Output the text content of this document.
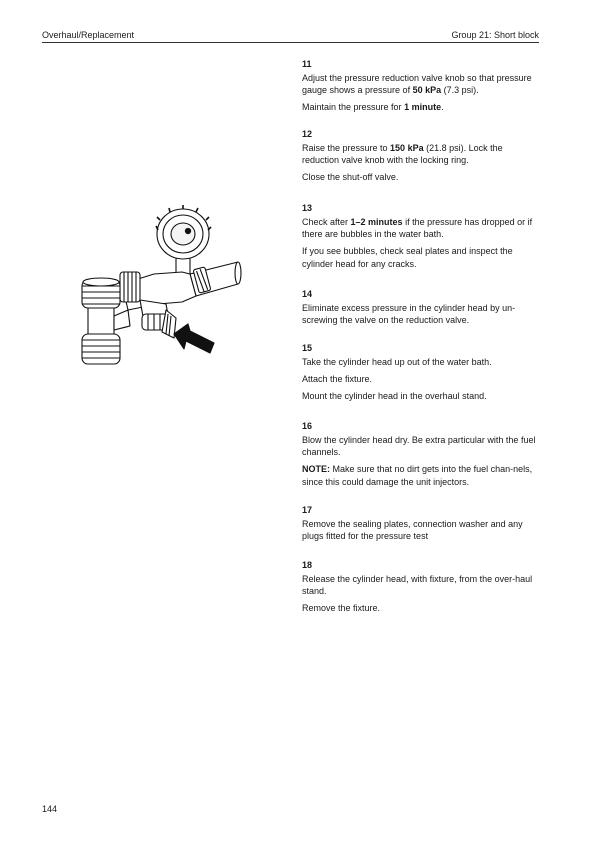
Overhaul/Replacement	Group 21: Short block
11

Adjust the pressure reduction valve knob so that pressure gauge shows a pressure of 50 kPa (7.3 psi).

Maintain the pressure for 1 minute.

12

Raise the pressure to 150 kPa (21.8 psi). Lock the reduction valve knob with the locking ring.

Close the shut-off valve.

13

Check after 1–2 minutes if the pressure has dropped or if there are bubbles in the water bath.

If you see bubbles, check seal plates and inspect the cylinder head for any cracks.

14

Eliminate excess pressure in the cylinder head by un-screwing the valve on the reduction valve.

15

Take the cylinder head up out of the water bath.

Attach the fixture.

Mount the cylinder head in the overhaul stand.

16

Blow the cylinder head dry. Be extra particular with the fuel channels.

NOTE: Make sure that no dirt gets into the fuel chan-nels, since this could damage the unit injectors.

17

Remove the sealing plates, connection washer and any plugs fitted for the pressure test

18

Release the cylinder head, with fixture, from the over-haul stand.

Remove the fixture.

144
